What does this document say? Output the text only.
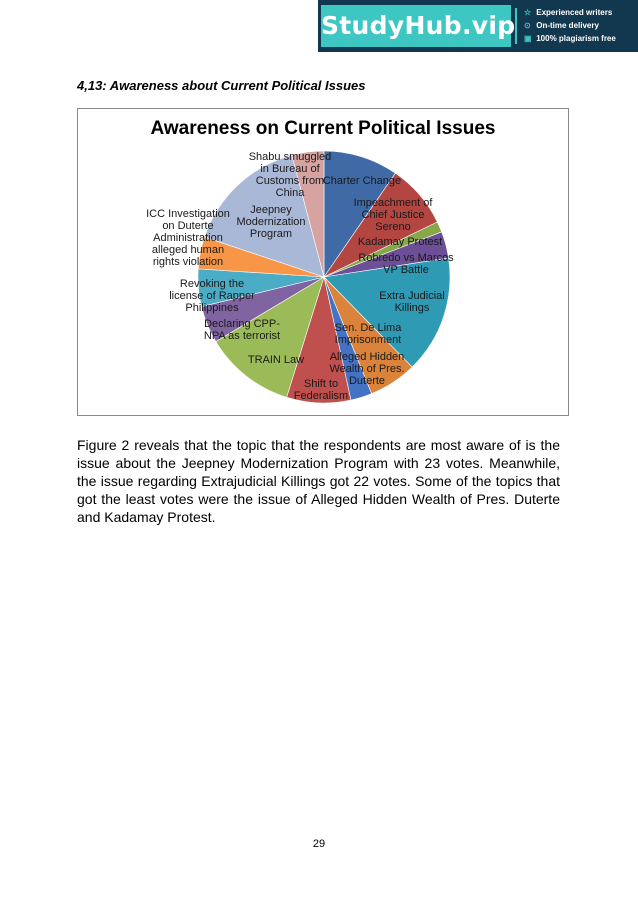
StudyHub.vip ☆ Experienced writers
⊙ On-time delivery
▣ 100% plagiarism free
4,13: Awareness about Current Political Issues
Awareness on Current Political Issues
Charter Change
Impeachment of Chief Justice Sereno
Kadamay Protest
Robredo vs Marcos VP Battle
Extra Judicial Killings
Sen. De Lima Imprisonment
Alleged Hidden Wealth of Pres. Duterte
Shift to Federalism
TRAIN Law
Declaring CPP-NPA as terrorist
Revoking the license of Rapper Philippines
ICC Investigation on Duterte Administration alleged human rights violation
Jeepney Modernization Program
Shabu smuggled in Bureau of Customs from China

Figure 2 reveals that the topic that the respondents are most aware of is the issue about the Jeepney Modernization Program with 23 votes. Meanwhile, the issue regarding Extrajudicial Killings got 22 votes. Some of the topics that got the least votes were the issue of Alleged Hidden Wealth of Pres. Duterte and Kadamay Protest.

29
